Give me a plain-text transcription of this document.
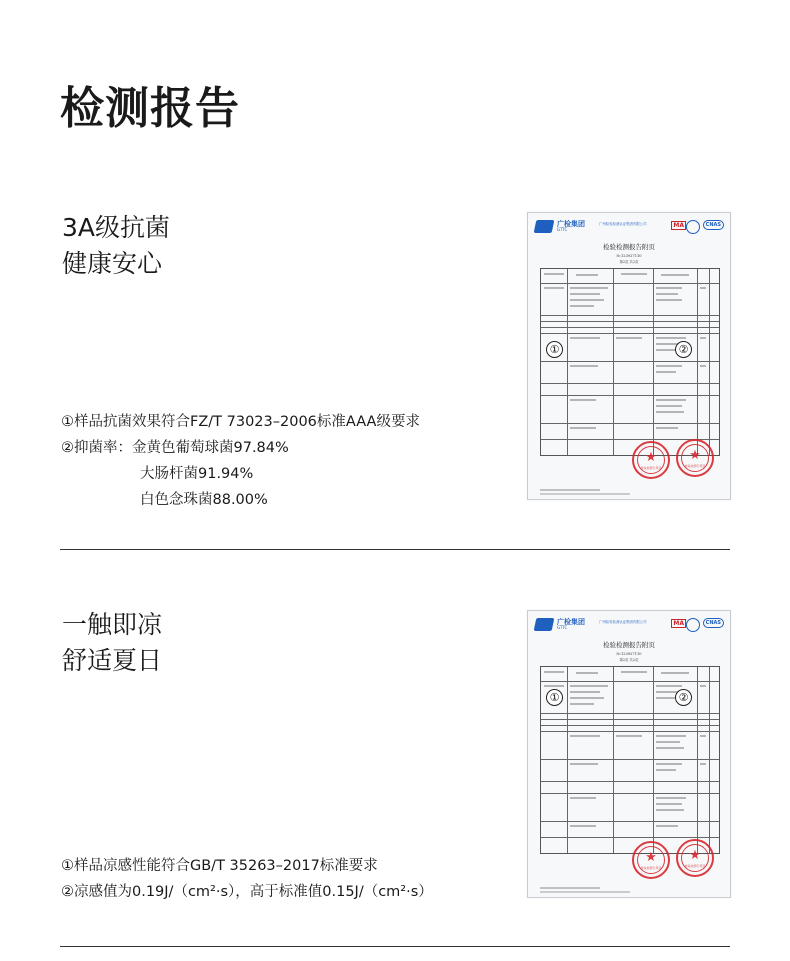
检测报告
3A级抗菌
健康安心
广检集团
GTTC
广州检验检测认证集团有限公司	MA	CNAS
检验检测报告附页
№:123927110
第2页 共2页
①	②
★
检验检测专用章
★
检验检测专用章
①样品抗菌效果符合FZ/T 73023–2006标准AAA级要求
②抑菌率：金黄色葡萄球菌97.84%
大肠杆菌91.94%
白色念珠菌88.00%
一触即凉
舒适夏日
广检集团
GTTC
广州检验检测认证集团有限公司	MA	CNAS
检验检测报告附页
№:123927110
第2页 共2页
①	②
★
检验检测专用章
★
检验检测专用章
①样品凉感性能符合GB/T 35263–2017标准要求
②凉感值为0.19J/（cm²·s），高于标准值0.15J/（cm²·s）
